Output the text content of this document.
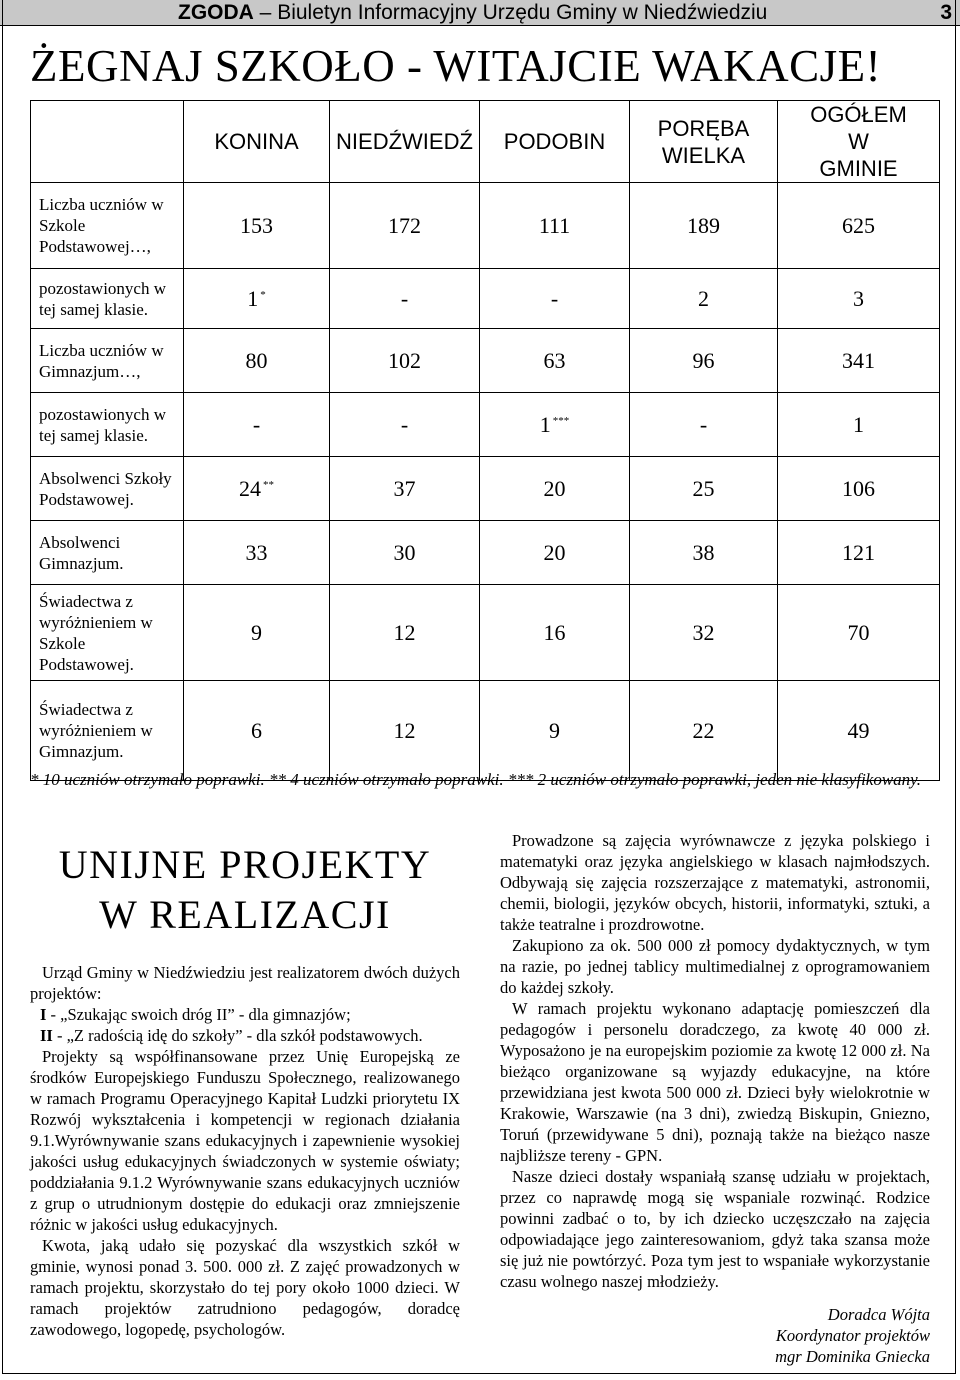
ZGODA – Biuletyn Informacyjny Urzędu Gminy w Niedźwiedziu	3
ŻEGNAJ SZKOŁO - WITAJCIE WAKACJE!
	KONINA	NIEDŹWIEDŹ	PODOBIN	PORĘBA WIELKA	OGÓŁEM W GMINIE
Liczba uczniów w Szkole Podstawowej…,	153	172	111	189	625
pozostawionych w tej samej klasie.	1 *	-	-	2	3
Liczba uczniów w Gimnazjum…,	80	102	63	96	341
pozostawionych w tej samej klasie.	-	-	1 ***	-	1
Absolwenci Szkoły Podstawowej.	24 **	37	20	25	106
Absolwenci Gimnazjum.	33	30	20	38	121
Świadectwa z wyróżnieniem w Szkole Podstawowej.	9	12	16	32	70
Świadectwa z wyróżnieniem w Gimnazjum.	6	12	9	22	49
* 10 uczniów otrzymało poprawki. ** 4 uczniów otrzymało poprawki. *** 2 uczniów otrzymało poprawki, jeden nie klasyfikowany.
UNIJNE PROJEKTY
W REALIZACJI

Urząd Gminy w Niedźwiedziu jest realizatorem dwóch dużych projektów:

I - „Szukając swoich dróg II” - dla gimnazjów;
II - „Z radością idę do szkoły” - dla szkół podstawowych.

Projekty są współfinansowane przez Unię Europejską ze środków Europejskiego Funduszu Społecznego, realizowanego w ramach Programu Operacyjnego Kapitał Ludzki priorytetu IX Rozwój wykształcenia i kompetencji w regionach działania 9.1.Wyrównywanie szans edukacyjnych i zapewnienie wysokiej jakości usług edukacyjnych świadczonych w systemie oświaty; poddziałania 9.1.2 Wyrównywanie szans edukacyjnych uczniów z grup o utrudnionym dostępie do edukacji oraz zmniejszenie różnic w jakości usług edukacyjnych.

Kwota, jaką udało się pozyskać dla wszystkich szkół w gminie, wynosi ponad 3. 500. 000 zł. Z zajęć prowadzonych w ramach projektu, skorzystało do tej pory około 1000 dzieci. W ramach projektów zatrudniono pedagogów, doradcę zawodowego, logopedę, psychologów.

Prowadzone są zajęcia wyrównawcze z języka polskiego i matematyki oraz języka angielskiego w klasach najmłodszych. Odbywają się zajęcia rozszerzające z matematyki, astronomii, chemii, biologii, języków obcych, historii, informatyki, sztuki, a także teatralne i prozdrowotne.

Zakupiono za ok. 500 000 zł pomocy dydaktycznych, w tym na razie, po jednej tablicy multimedialnej z oprogramowaniem do każdej szkoły.

W ramach projektu wykonano adaptację pomieszczeń dla pedagogów i personelu doradczego, za kwotę 40 000 zł. Wyposażono je na europejskim poziomie za kwotę 12 000 zł. Na bieżąco organizowane są wyjazdy edukacyjne, na które przewidziana jest kwota 500 000 zł. Dzieci były wielokrotnie w Krakowie, Warszawie (na 3 dni), zwiedzą Biskupin, Gniezno, Toruń (przewidywane 5 dni), poznają także na bieżąco nasze najbliższe tereny - GPN.

Nasze dzieci dostały wspaniałą szansę udziału w projektach, przez co naprawdę mogą się wspaniale rozwinąć. Rodzice powinni zadbać o to, by ich dziecko uczęszczało na zajęcia odpowiadające jego zainteresowaniom, gdyż taka szansa może się już nie powtórzyć. Poza tym jest to wspaniałe wykorzystanie czasu wolnego naszej młodzieży.

Doradca Wójta
Koordynator projektów
mgr Dominika Gniecka
